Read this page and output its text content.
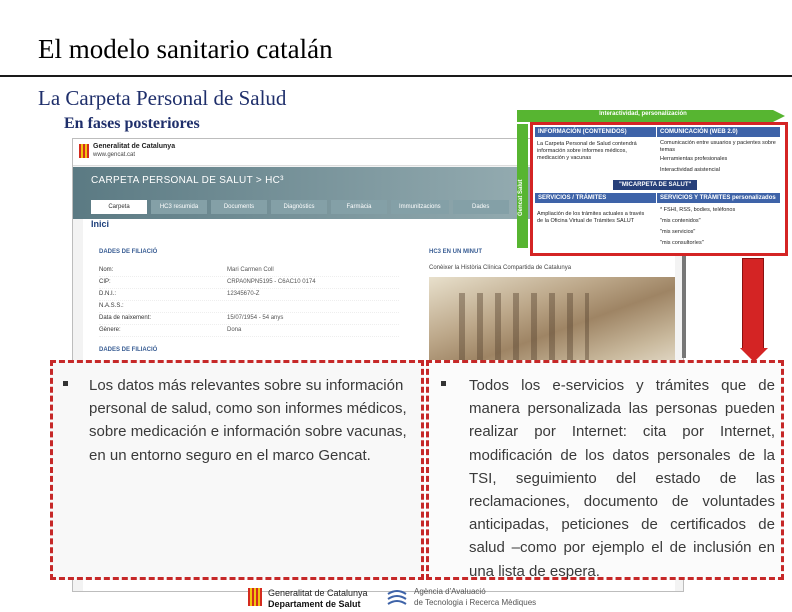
El modelo sanitario catalán
La Carpeta Personal de Salud
En fases posteriores
Generalitat de Catalunya
www.gencat.cat
CARPETA PERSONAL DE SALUT > HC³
Carpeta	HC3 resumida	Documents	Diagnòstics	Farmàcia	Immunitzacions	Dades
Inici
DADES DE FILIACIÓ
Nom:	Mari Carmen Coll
CIP:	CRPA0NPN5195 - C6AC10 0174
D.N.I.:	12345670-Z
N.A.S.S.:
Data de naixement:	15/07/1954 - 54 anys
Gènere:	Dona
DADES DE FILIACIÓ
HC3 EN UN MINUT
Conèixer la Història Clínica Compartida de Catalunya
Interactividad, personalización
Gencat Salut
INFORMACIÓN (CONTENIDOS)
La Carpeta Personal de Salud contendrá información sobre informes médicos, medicación y vacunas
COMUNICACIÓN (WEB 2.0)
Comunicación entre usuarios y pacientes sobre temas
Herramientas profesionales
Interactividad asistencial
"MICARPETA DE SALUT"
SERVICIOS / TRÁMITES
Ampliación de los trámites actuales a través de la Oficina Virtual de Trámites SALUT
SERVICIOS Y TRÁMITES personalizados
* FSHI, RSS, bodies, teléfonos
"mis contenidos"
"mis servicios"
"mis consultoríes"
Los datos más relevantes sobre su información personal de salud, como son informes médicos, sobre medicación e información sobre vacunas, en un entorno seguro en el marco Gencat.
Todos los e-servicios y trámites que de manera personalizada las personas pueden realizar por Internet: cita por Internet, modificación de los datos personales de la TSI, seguimiento del estado de las reclamaciones, documento de voluntades anticipadas, peticiones de certificados de salud –como por ejemplo el de inclusión en una lista de espera.
Generalitat de Catalunya
Departament de Salut
Agència d'Avaluació
de Tecnologia i Recerca Mèdiques
